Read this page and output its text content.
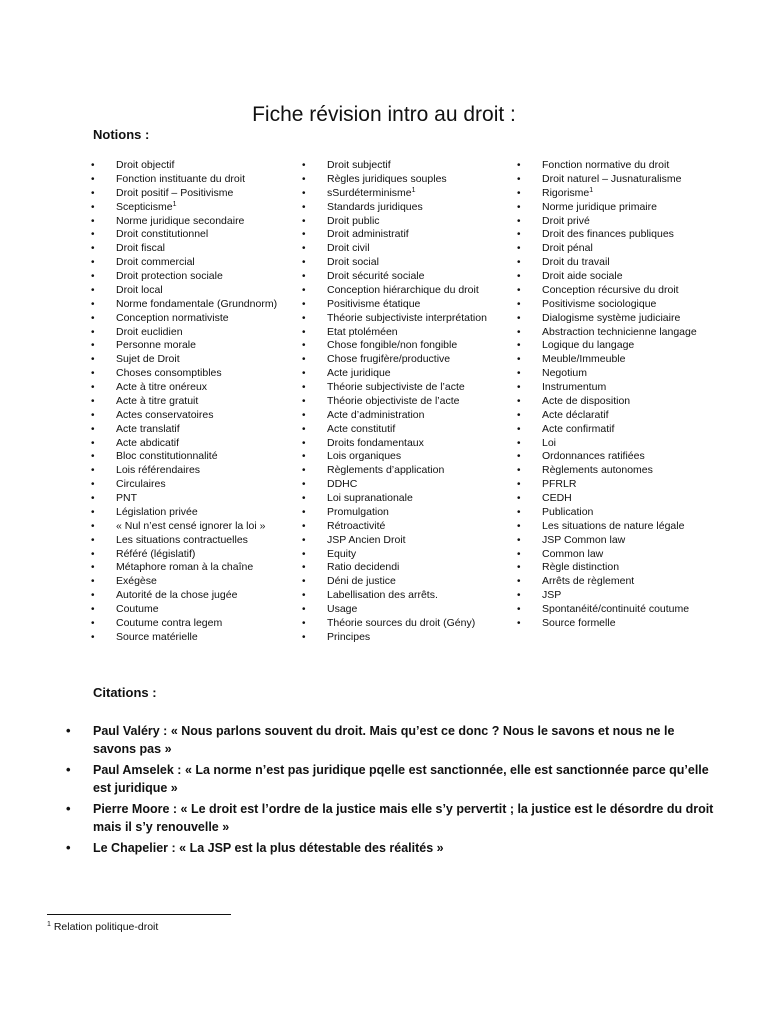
Fiche révision intro au droit :
Notions :
• Droit objectif
• Fonction instituante du droit
• Droit positif – Positivisme
• Scepticisme$^1$
• Norme juridique secondaire
• Droit constitutionnel
• Droit fiscal
• Droit commercial
• Droit protection sociale
• Droit local
• Norme fondamentale (Grundnorm)
• Conception normativiste
• Droit euclidien
• Personne morale
• Sujet de Droit
• Choses consomptibles
• Acte à titre onéreux
• Acte à titre gratuit
• Actes conservatoires
• Acte translatif
• Acte abdicatif
• Bloc constitutionnalité
• Lois référendaires
• Circulaires
• PNT
• Législation privée
• « Nul n’est censé ignorer la loi »
• Les situations contractuelles
• Référé (législatif)
• Métaphore roman à la chaîne
• Exégèse
• Autorité de la chose jugée
• Coutume
• Coutume contra legem
• Source matérielle
• Droit subjectif
• Règles juridiques souples
• sSurdéterminisme$^1$
• Standards juridiques
• Droit public
• Droit administratif
• Droit civil
• Droit social
• Droit sécurité sociale
• Conception hiérarchique du droit
• Positivisme étatique
• Théorie subjectiviste interprétation
• Etat ptoléméen
• Chose fongible/non fongible
• Chose frugifère/productive
• Acte juridique
• Théorie subjectiviste de l’acte
• Théorie objectiviste de l’acte
• Acte d’administration
• Acte constitutif
• Droits fondamentaux
• Lois organiques
• Règlements d’application
• DDHC
• Loi supranationale
• Promulgation
• Rétroactivité
• JSP Ancien Droit
• Equity
• Ratio decidendi
• Déni de justice
• Labellisation des arrêts.
• Usage
• Théorie sources du droit (Gény)
• Principes
• Fonction normative du droit
• Droit naturel – Jusnaturalisme
• Rigorisme$^1$
• Norme juridique primaire
• Droit privé
• Droit des finances publiques
• Droit pénal
• Droit du travail
• Droit aide sociale
• Conception récursive du droit
• Positivisme sociologique
• Dialogisme système judiciaire
• Abstraction technicienne langage
• Logique du langage
• Meuble/Immeuble
• Negotium
• Instrumentum
• Acte de disposition
• Acte déclaratif
• Acte confirmatif
• Loi
• Ordonnances ratifiées
• Règlements autonomes
• PFRLR
• CEDH
• Publication
• Les situations de nature légale
• JSP Common law
• Common law
• Règle distinction
• Arrêts de règlement
• JSP
• Spontanéité/continuité coutume
• Source formelle
Citations :
• Paul Valéry : « Nous parlons souvent du droit. Mais qu’est ce donc ? Nous le savons et nous ne le savons pas »
• Paul Amselek : « La norme n’est pas juridique pqelle est sanctionnée, elle est sanctionnée parce qu’elle est juridique »
• Pierre Moore : « Le droit est l’ordre de la justice mais elle s’y pervertit ; la justice est le désordre du droit mais il s’y renouvelle »
• Le Chapelier : « La JSP est la plus détestable des réalités »
$^1$ Relation politique-droit
